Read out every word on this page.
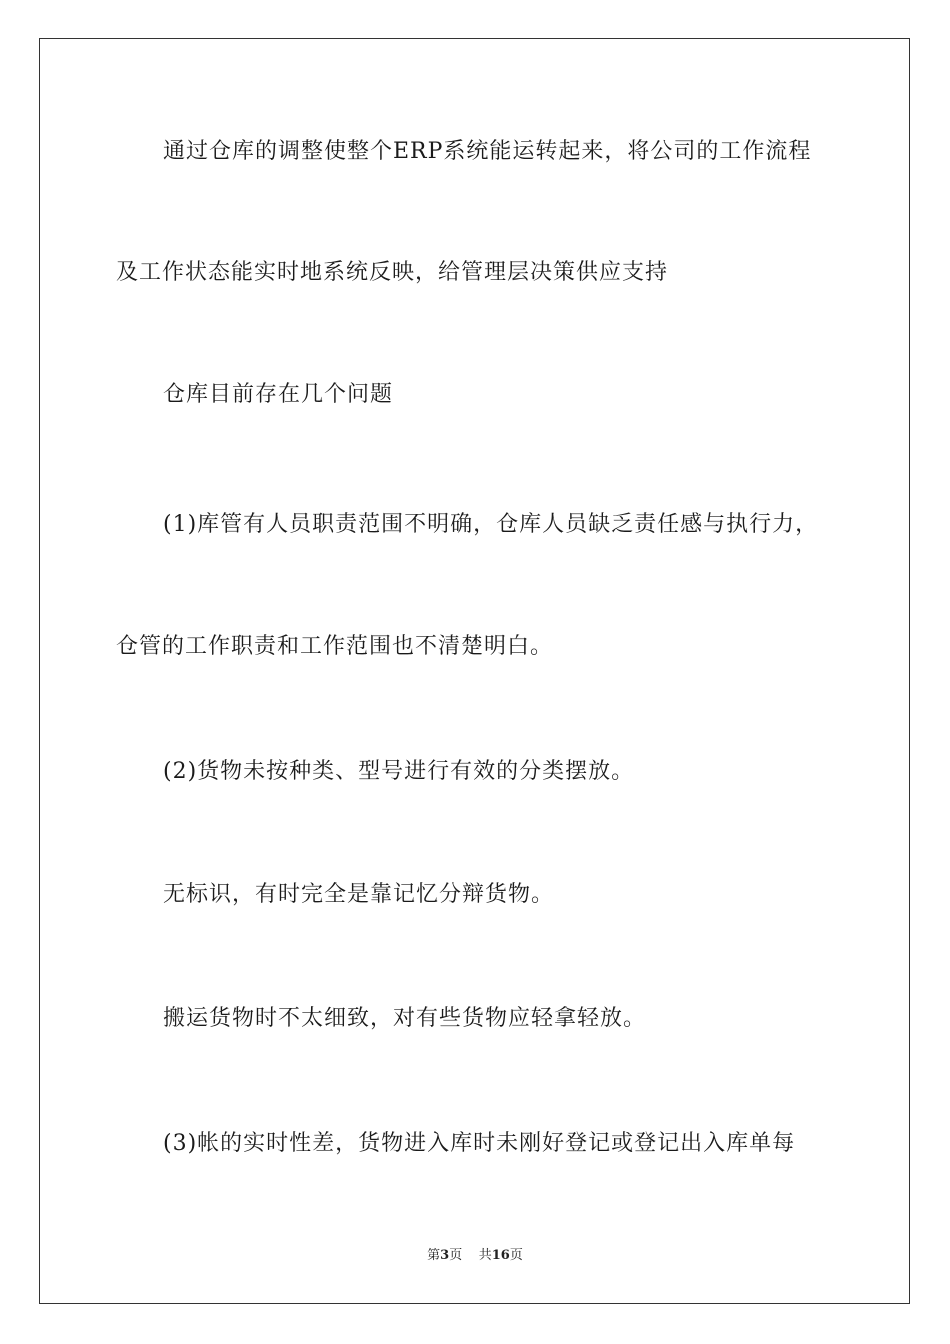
通过仓库的调整使整个ERP系统能运转起来，将公司的工作流程
及工作状态能实时地系统反映，给管理层决策供应支持
仓库目前存在几个问题
(1)库管有人员职责范围不明确，仓库人员缺乏责任感与执行力，
仓管的工作职责和工作范围也不清楚明白。
(2)货物未按种类、型号进行有效的分类摆放。
无标识，有时完全是靠记忆分辩货物。
搬运货物时不太细致，对有些货物应轻拿轻放。
(3)帐的实时性差，货物进入库时未刚好登记或登记出入库单每
第3页 共16页
